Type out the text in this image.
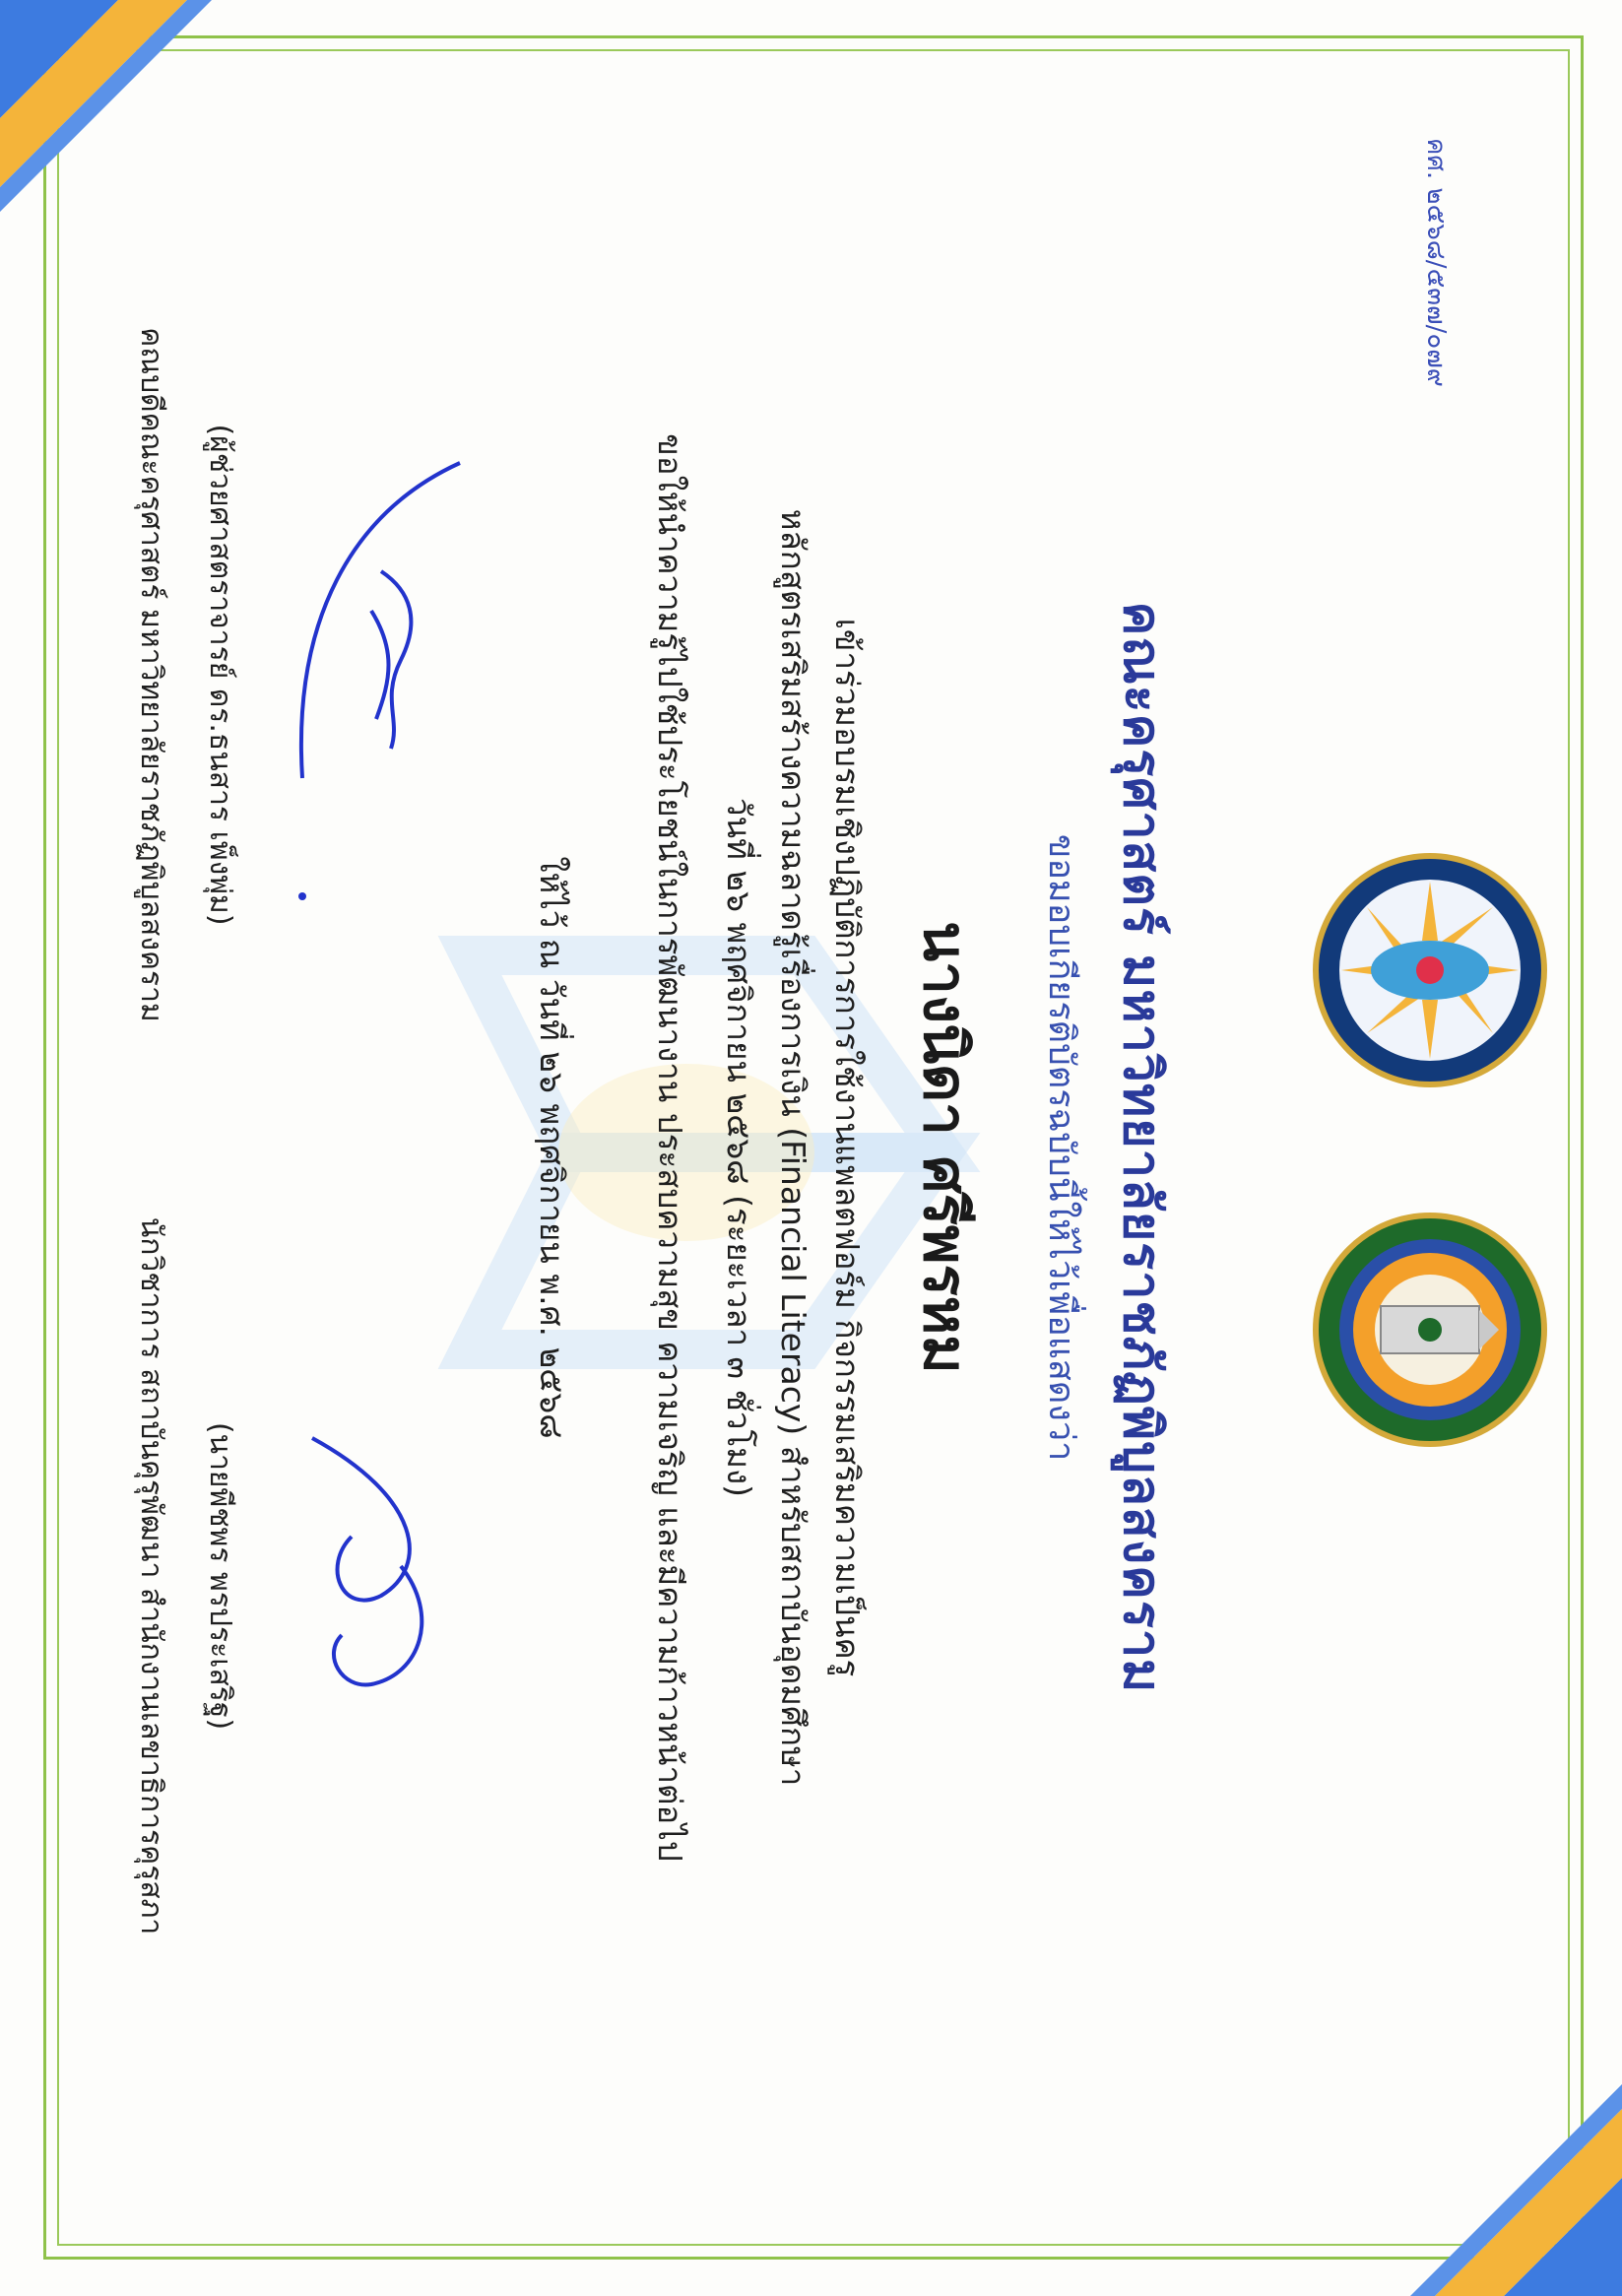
คศ. ๒๕๖๘/๕๓๗/๐๗๙
คณะครุศาสตร์ มหาวิทยาลัยราชภัฏพิบูลสงคราม
ขอมอบเกียรติบัตรฉบับนี้ให้ไว้เพื่อแสดงว่า
นางนิดา ศรีพรหม
เข้าร่วมอบรมเชิงปฏิบัติการการใช้งานแพลตฟอร์ม กิจกรรมเสริมความเป็นครู
หลักสูตรเสริมสร้างความฉลาดรู้เรื่องการเงิน (Financial Literacy) สำหรับสถาบันอุดมศึกษา
วันที่ ๒๖ พฤศจิกายน ๒๕๖๘ (ระยะเวลา ๓ ชั่วโมง)
ขอให้นำความรู้ไปใช้ประโยชน์ในการพัฒนางาน ประสบความสุข ความเจริญ และมีความก้าวหน้าต่อไป
ให้ไว้ ณ วันที่ ๒๖ พฤศจิกายน พ.ศ. ๒๕๖๘
(ผู้ช่วยศาสตราจารย์ ดร.ธนสาร เพ็งพุ่ม)
คณบดีคณะครุศาสตร์ มหาวิทยาลัยราชภัฏพิบูลสงคราม
(นายพีชพร พรประเสริฐ)
นักวิชาการ สถาบันคุรุพัฒนา สำนักงานเลขาธิการคุรุสภา
